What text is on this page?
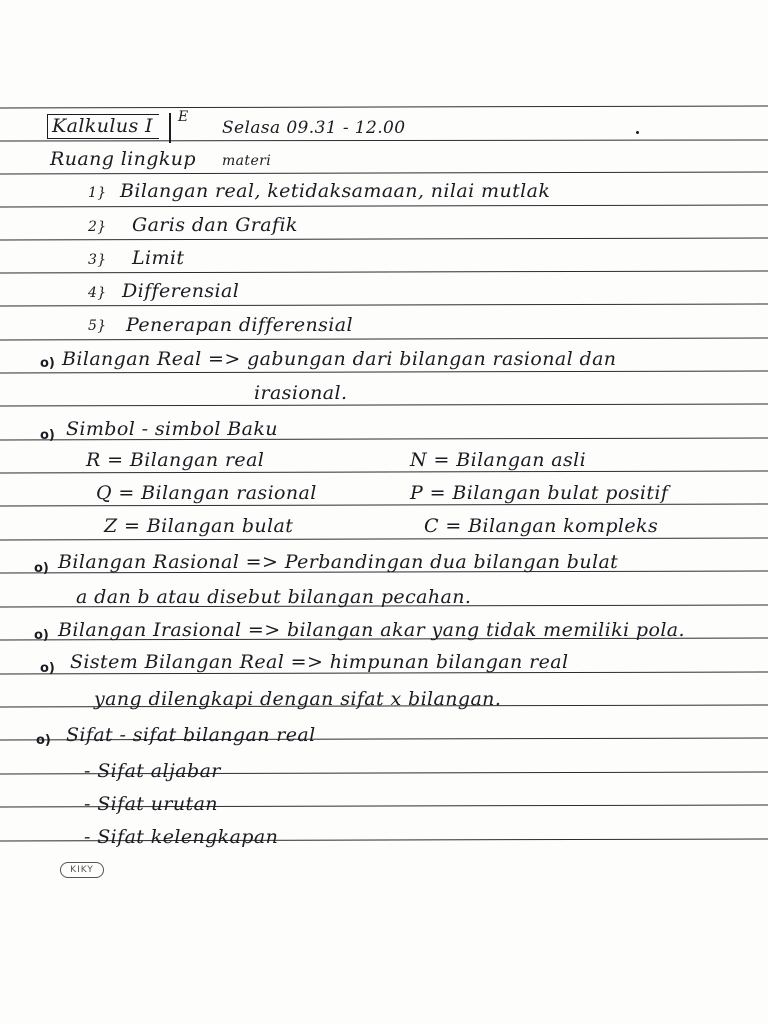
Kalkulus I	E
Selasa 09.31 - 12.00
Ruang lingkup materi
1} Bilangan real, ketidaksamaan, nilai mutlak
2} Garis dan Grafik
3} Limit
4} Differensial
5} Penerapan differensial
o) Bilangan Real => gabungan dari bilangan rasional dan
irasional.
o) Simbol - simbol Baku
R = Bilangan real	N = Bilangan asli
Q = Bilangan rasional	P = Bilangan bulat positif
Z = Bilangan bulat	C = Bilangan kompleks
o) Bilangan Rasional => Perbandingan dua bilangan bulat
a dan b atau disebut bilangan pecahan.
o) Bilangan Irasional => bilangan akar yang tidak memiliki pola.
o) Sistem Bilangan Real => himpunan bilangan real
yang dilengkapi dengan sifat x bilangan.
o) Sifat - sifat bilangan real
- Sifat aljabar
- Sifat urutan
- Sifat kelengkapan
KIKY
